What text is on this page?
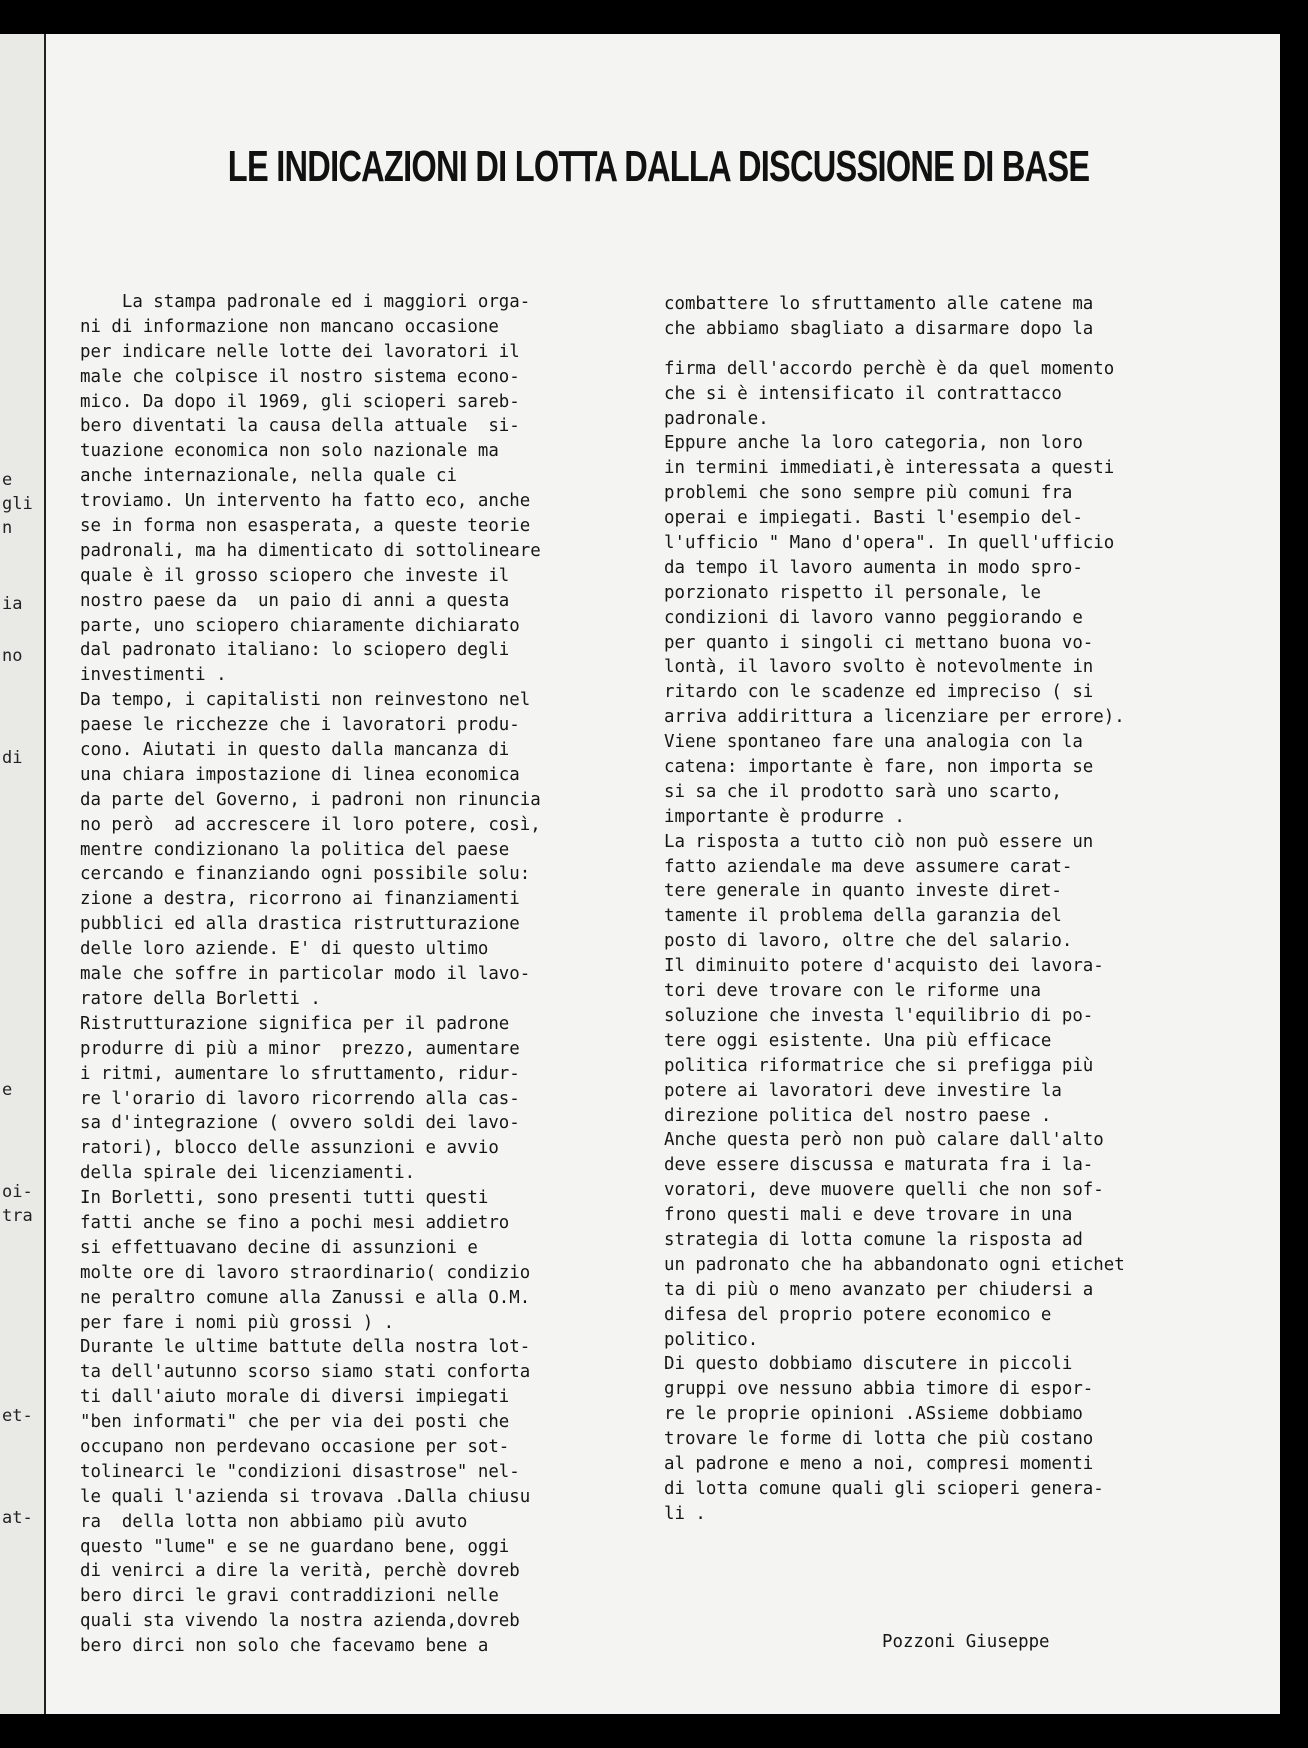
e
gli
n
ia
no
di
e
oi-
tra
et-
at-
LE INDICAZIONI DI LOTTA DALLA DISCUSSIONE DI BASE
La stampa padronale ed i maggiori orga-
ni di informazione non mancano occasione
per indicare nelle lotte dei lavoratori il
male che colpisce il nostro sistema econo-
mico. Da dopo il 1969, gli scioperi sareb-
bero diventati la causa della attuale  si-
tuazione economica non solo nazionale ma
anche internazionale, nella quale ci
troviamo. Un intervento ha fatto eco, anche
se in forma non esasperata, a queste teorie
padronali, ma ha dimenticato di sottolineare
quale è il grosso sciopero che investe il
nostro paese da  un paio di anni a questa
parte, uno sciopero chiaramente dichiarato
dal padronato italiano: lo sciopero degli
investimenti .
Da tempo, i capitalisti non reinvestono nel
paese le ricchezze che i lavoratori produ-
cono. Aiutati in questo dalla mancanza di
una chiara impostazione di linea economica
da parte del Governo, i padroni non rinuncia
no però  ad accrescere il loro potere, così,
mentre condizionano la politica del paese
cercando e finanziando ogni possibile solu:
zione a destra, ricorrono ai finanziamenti
pubblici ed alla drastica ristrutturazione
delle loro aziende. E' di questo ultimo
male che soffre in particolar modo il lavo-
ratore della Borletti .
Ristrutturazione significa per il padrone
produrre di più a minor  prezzo, aumentare
i ritmi, aumentare lo sfruttamento, ridur-
re l'orario di lavoro ricorrendo alla cas-
sa d'integrazione ( ovvero soldi dei lavo-
ratori), blocco delle assunzioni e avvio
della spirale dei licenziamenti.
In Borletti, sono presenti tutti questi
fatti anche se fino a pochi mesi addietro
si effettuavano decine di assunzioni e
molte ore di lavoro straordinario( condizio
ne peraltro comune alla Zanussi e alla O.M.
per fare i nomi più grossi ) .
Durante le ultime battute della nostra lot-
ta dell'autunno scorso siamo stati conforta
ti dall'aiuto morale di diversi impiegati
"ben informati" che per via dei posti che
occupano non perdevano occasione per sot-
tolinearci le "condizioni disastrose" nel-
le quali l'azienda si trovava .Dalla chiusu
ra  della lotta non abbiamo più avuto
questo "lume" e se ne guardano bene, oggi
di venirci a dire la verità, perchè dovreb
bero dirci le gravi contraddizioni nelle
quali sta vivendo la nostra azienda,dovreb
bero dirci non solo che facevamo bene a
combattere lo sfruttamento alle catene ma
che abbiamo sbagliato a disarmare dopo la
firma dell'accordo perchè è da quel momento
che si è intensificato il contrattacco
padronale.
Eppure anche la loro categoria, non loro
in termini immediati,è interessata a questi
problemi che sono sempre più comuni fra
operai e impiegati. Basti l'esempio del-
l'ufficio " Mano d'opera". In quell'ufficio
da tempo il lavoro aumenta in modo spro-
porzionato rispetto il personale, le
condizioni di lavoro vanno peggiorando e
per quanto i singoli ci mettano buona vo-
lontà, il lavoro svolto è notevolmente in
ritardo con le scadenze ed impreciso ( si
arriva addirittura a licenziare per errore).
Viene spontaneo fare una analogia con la
catena: importante è fare, non importa se
si sa che il prodotto sarà uno scarto,
importante è produrre .
La risposta a tutto ciò non può essere un
fatto aziendale ma deve assumere carat-
tere generale in quanto investe diret-
tamente il problema della garanzia del
posto di lavoro, oltre che del salario.
Il diminuito potere d'acquisto dei lavora-
tori deve trovare con le riforme una
soluzione che investa l'equilibrio di po-
tere oggi esistente. Una più efficace
politica riformatrice che si prefigga più
potere ai lavoratori deve investire la
direzione politica del nostro paese .
Anche questa però non può calare dall'alto
deve essere discussa e maturata fra i la-
voratori, deve muovere quelli che non sof-
frono questi mali e deve trovare in una
strategia di lotta comune la risposta ad
un padronato che ha abbandonato ogni etichet
ta di più o meno avanzato per chiudersi a
difesa del proprio potere economico e
politico.
Di questo dobbiamo discutere in piccoli
gruppi ove nessuno abbia timore di espor-
re le proprie opinioni .ASsieme dobbiamo
trovare le forme di lotta che più costano
al padrone e meno a noi, compresi momenti
di lotta comune quali gli scioperi genera-
li .
Pozzoni Giuseppe
